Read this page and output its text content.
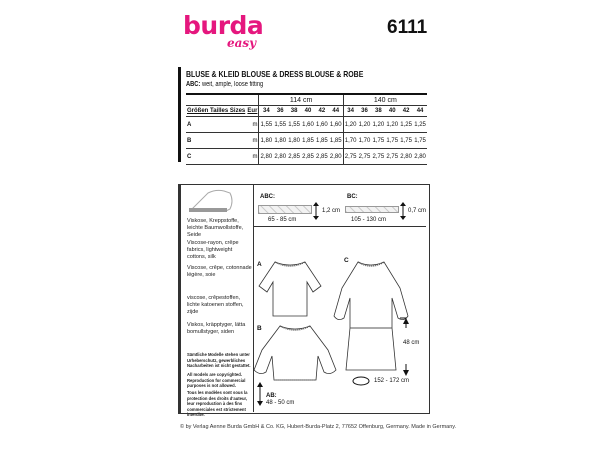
burda
easy
6111
BLUSE & KLEID BLOUSE & DRESS BLOUSE & ROBE
ABC: weit, ample, loose fitting
		114 cm						140 cm					
Größen Tailles Sizes	Eur	34	36	38	40	42	44	34	36	38	40	42	44
A	m	1,55	1,55	1,55	1,60	1,60	1,60	1,20	1,20	1,20	1,20	1,25	1,25
B	m	1,80	1,80	1,80	1,85	1,85	1,85	1,70	1,70	1,75	1,75	1,75	1,75
C	m	2,80	2,80	2,85	2,85	2,85	2,80	2,75	2,75	2,75	2,75	2,80	2,80
Viskose, Kreppstoffe, leichte Baumwollstoffe, Seide
Viscose-rayon, crêpe fabrics, lightweight cottons, silk
Viscose, crêpe, cotonnade légère, soie
viscose, crêpestoffen, lichte katoenen stoffen, zijde
Viskos, kräpptyger, lätta bomullstyger, siden
Sämtliche Modelle stehen unter Urheberschutz, gewerbliches Nacharbeiten ist nicht gestattet.
All models are copyrighted. Reproduction for commercial purposes is not allowed.
Tous les modèles sont sous la protection des droits d'auteur, leur reproduction à des fins commerciales est strictement interdite.
ABC:
65 - 85 cm
1,2 cm
BC:
105 - 130 cm
0,7 cm
A
B
C
48 cm
152 - 172 cm
AB:
48 - 50 cm
© by Verlag Aenne Burda GmbH & Co. KG, Hubert-Burda-Platz 2, 77652 Offenburg, Germany. Made in Germany.
